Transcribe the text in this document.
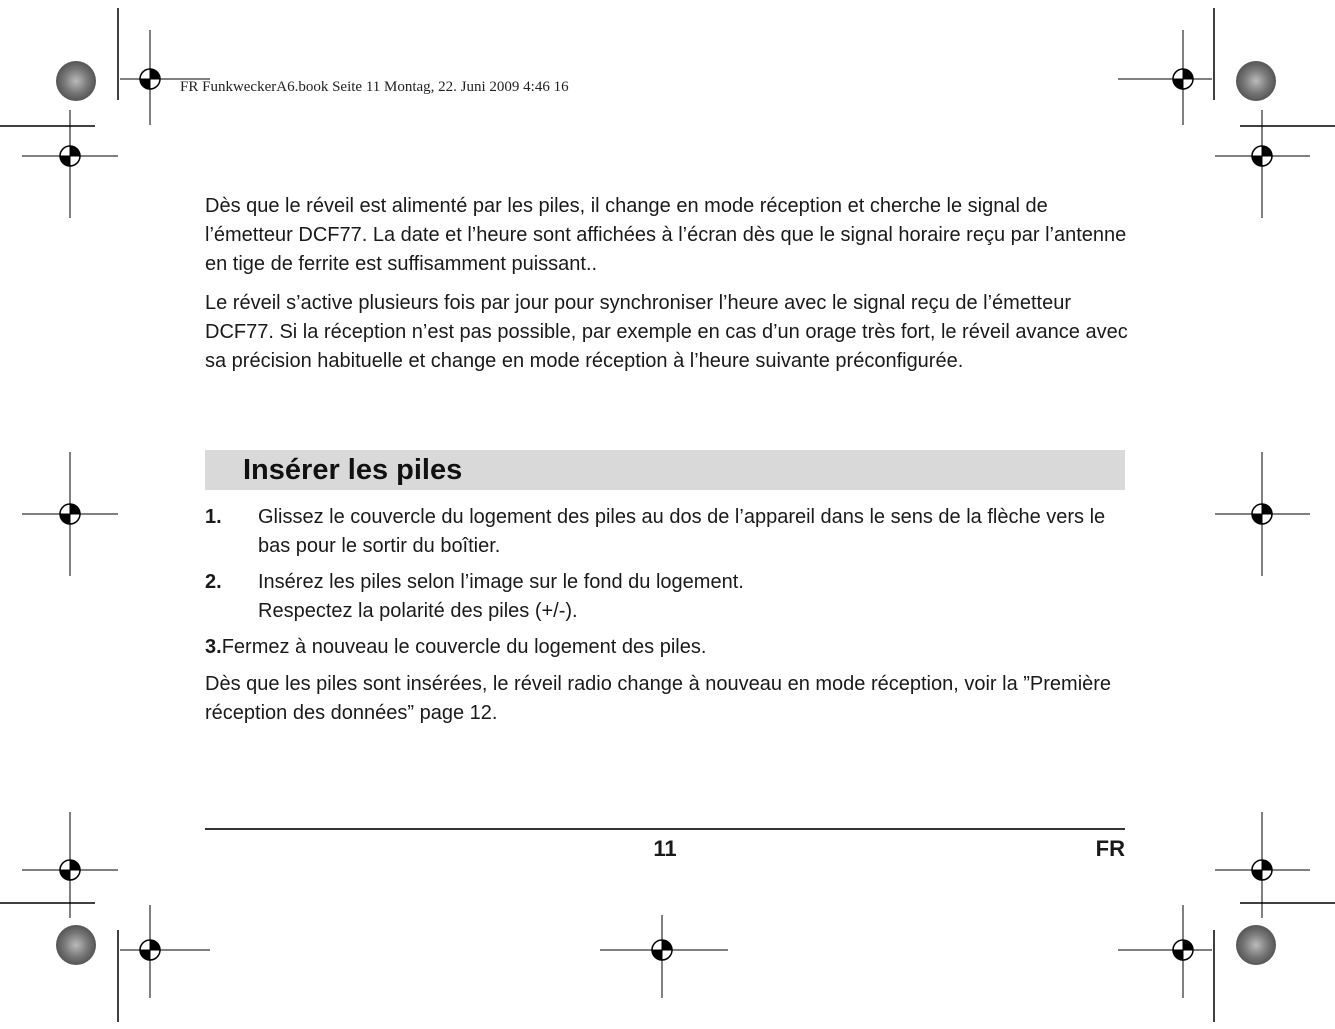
FR FunkweckerA6.book Seite 11 Montag, 22. Juni 2009 4:46 16

Dès que le réveil est alimenté par les piles, il change en mode réception et cherche le signal de l’émetteur DCF77. La date et l’heure sont affichées à l’écran dès que le signal horaire reçu par l’antenne en tige de ferrite est suffisamment puissant..

Le réveil s’active plusieurs fois par jour pour synchroniser l’heure avec le signal reçu de l’émetteur DCF77. Si la réception n’est pas possible, par exemple en cas d’un orage très fort, le réveil avance avec sa précision habituelle et change en mode réception à l’heure suivante préconfigurée.

Insérer les piles
1.	Glissez le couvercle du logement des piles au dos de l’appareil dans le sens de la flèche vers le bas pour le sortir du boîtier.
2.	Insérez les piles selon l’image sur le fond du logement.
Respectez la polarité des piles (+/-).

3.Fermez à nouveau le couvercle du logement des piles.

Dès que les piles sont insérées, le réveil radio change à nouveau en mode réception, voir la ”Première réception des données” page 12.

11	FR
